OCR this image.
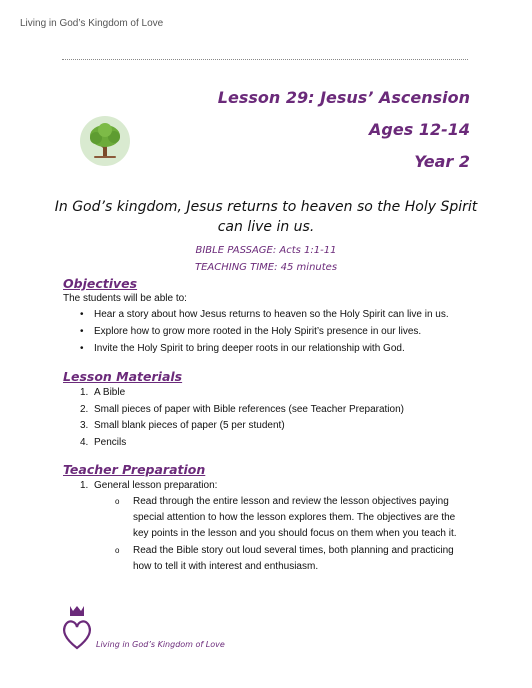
Living in God’s Kingdom of Love
Lesson 29: Jesus’ Ascension
Ages 12-14
Year 2
In God’s kingdom, Jesus returns to heaven so the Holy Spirit can live in us.
BIBLE PASSAGE: Acts 1:1-11
TEACHING TIME: 45 minutes
Objectives
The students will be able to:
• Hear a story about how Jesus returns to heaven so the Holy Spirit can live in us.
• Explore how to grow more rooted in the Holy Spirit’s presence in our lives.
• Invite the Holy Spirit to bring deeper roots in our relationship with God.
Lesson Materials
1. A Bible
2. Small pieces of paper with Bible references (see Teacher Preparation)
3. Small blank pieces of paper (5 per student)
4. Pencils
Teacher Preparation
1. General lesson preparation:
o	Read through the entire lesson and review the lesson objectives paying special attention to how the lesson explores them. The objectives are the key points in the lesson and you should focus on them when you teach it.
o	Read the Bible story out loud several times, both planning and practicing how to tell it with interest and enthusiasm.
Living in God’s Kingdom of Love
